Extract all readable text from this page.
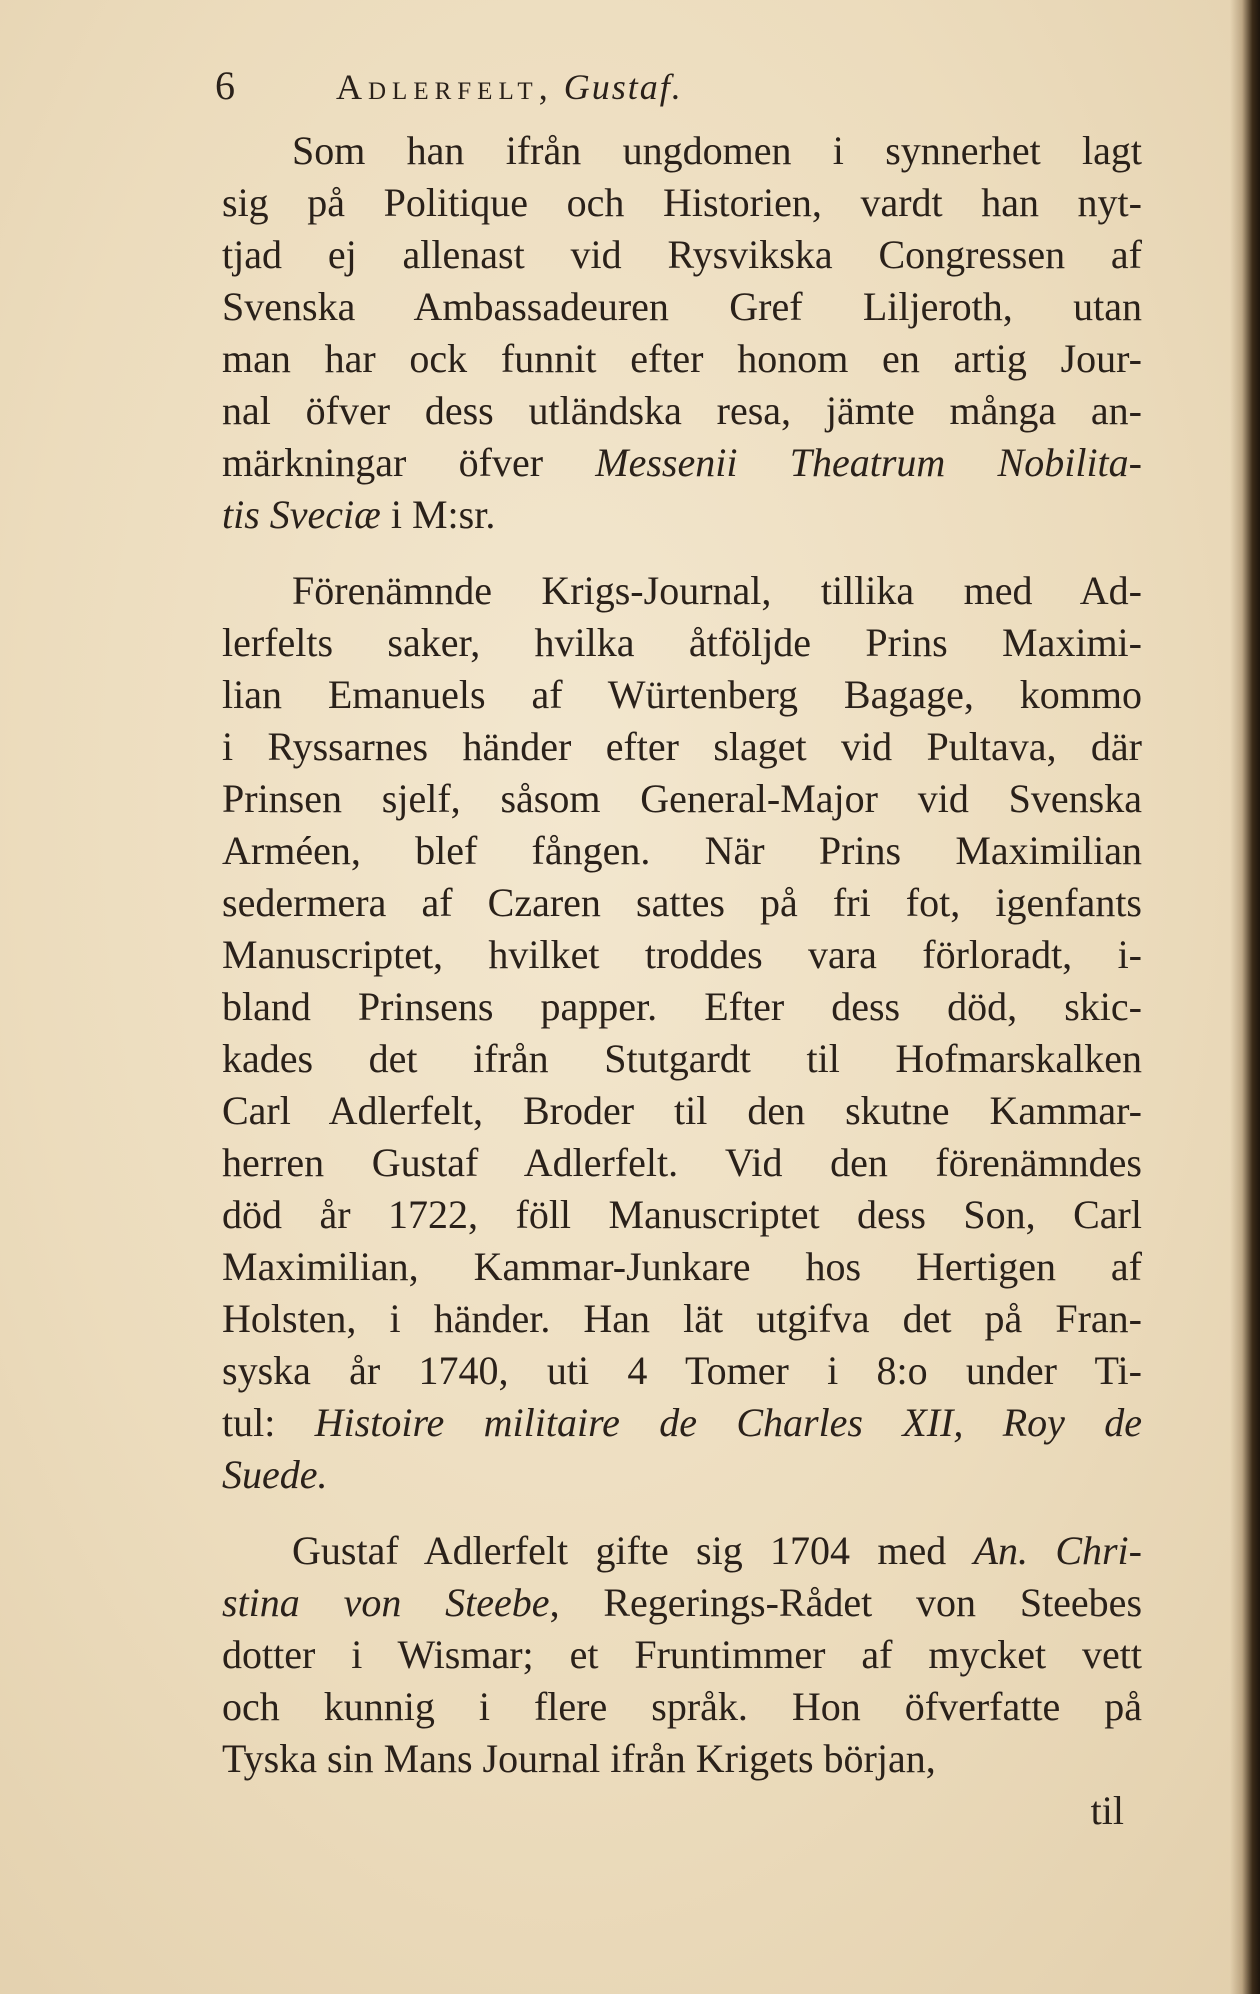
6	Adlerfelt, Gustaf.
Som han ifrån ungdomen i synnerhet lagt
sig på Politique och Historien, vardt han nyt-
tjad ej allenast vid Rysvikska Congressen af
Svenska Ambassadeuren Gref Liljeroth, utan
man har ock funnit efter honom en artig Jour-
nal öfver dess utländska resa, jämte många an-
märkningar öfver Messenii Theatrum Nobilita-
tis Sveciæ i M:sr.
Förenämnde Krigs-Journal, tillika med Ad-
lerfelts saker, hvilka åtföljde Prins Maximi-
lian Emanuels af Würtenberg Bagage, kommo
i Ryssarnes händer efter slaget vid Pultava, där
Prinsen sjelf, såsom General-Major vid Svenska
Arméen, blef fången. När Prins Maximilian
sedermera af Czaren sattes på fri fot, igenfants
Manuscriptet, hvilket troddes vara förloradt, i-
bland Prinsens papper. Efter dess död, skic-
kades det ifrån Stutgardt til Hofmarskalken
Carl Adlerfelt, Broder til den skutne Kammar-
herren Gustaf Adlerfelt. Vid den förenämndes
död år 1722, föll Manuscriptet dess Son, Carl
Maximilian, Kammar-Junkare hos Hertigen af
Holsten, i händer. Han lät utgifva det på Fran-
syska år 1740, uti 4 Tomer i 8:o under Ti-
tul: Histoire militaire de Charles XII, Roy de
Suede.
Gustaf Adlerfelt gifte sig 1704 med An. Chri-
stina von Steebe, Regerings-Rådet von Steebes
dotter i Wismar; et Fruntimmer af mycket vett
och kunnig i flere språk. Hon öfverfatte på
Tyska sin Mans Journal ifrån Krigets början,
til
